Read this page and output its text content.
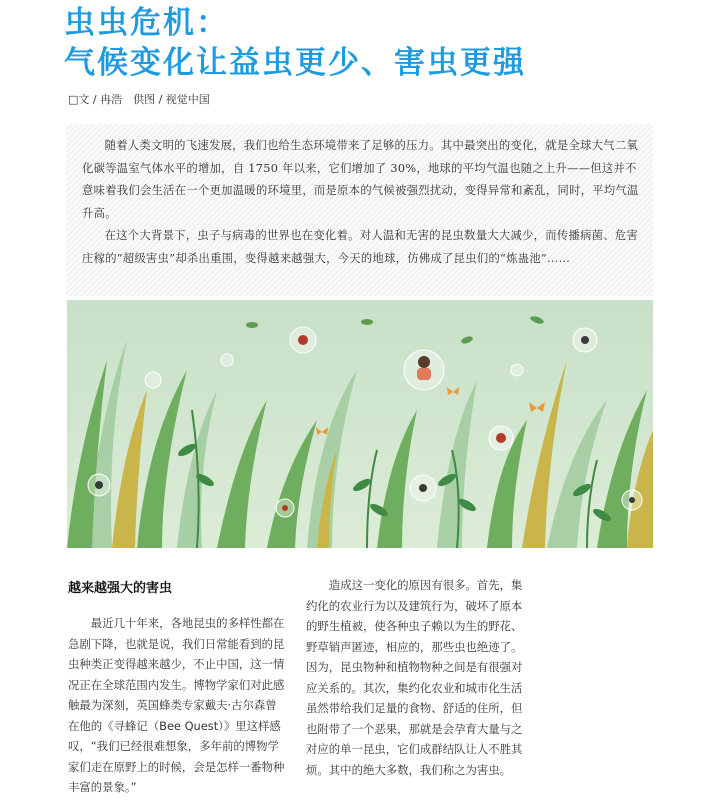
虫虫危机：
气候变化让益虫更少、害虫更强
□文 / 冉浩　供图 / 视觉中国

随着人类文明的飞速发展，我们也给生态环境带来了足够的压力。其中最突出的变化，就是全球大气二氧化碳等温室气体水平的增加，自 1750 年以来，它们增加了 30%，地球的平均气温也随之上升——但这并不意味着我们会生活在一个更加温暖的环境里，而是原本的气候被强烈扰动，变得异常和紊乱，同时，平均气温升高。

在这个大背景下，虫子与病毒的世界也在变化着。对人温和无害的昆虫数量大大减少，而传播病菌、危害庄稼的“超级害虫”却杀出重围，变得越来越强大，今天的地球，仿佛成了昆虫们的“炼蛊池”……

越来越强大的害虫

最近几十年来，各地昆虫的多样性都在急剧下降，也就是说，我们日常能看到的昆虫种类正变得越来越少，不止中国，这一情况正在全球范围内发生。博物学家们对此感触最为深刻，英国蜂类专家戴夫·古尔森曾在他的《寻蜂记（Bee Quest）》里这样感叹，“我们已经很难想象，多年前的博物学家们走在原野上的时候，会是怎样一番物种丰富的景象。”

造成这一变化的原因有很多。首先，集约化的农业行为以及建筑行为，破坏了原本的野生植被，使各种虫子赖以为生的野花、野草销声匿迹，相应的，那些虫也绝迹了。因为，昆虫物种和植物物种之间是有很强对应关系的。其次，集约化农业和城市化生活虽然带给我们足量的食物、舒适的住所，但也附带了一个恶果，那就是会孕育大量与之对应的单一昆虫，它们成群结队让人不胜其烦。其中的绝大多数，我们称之为害虫。
